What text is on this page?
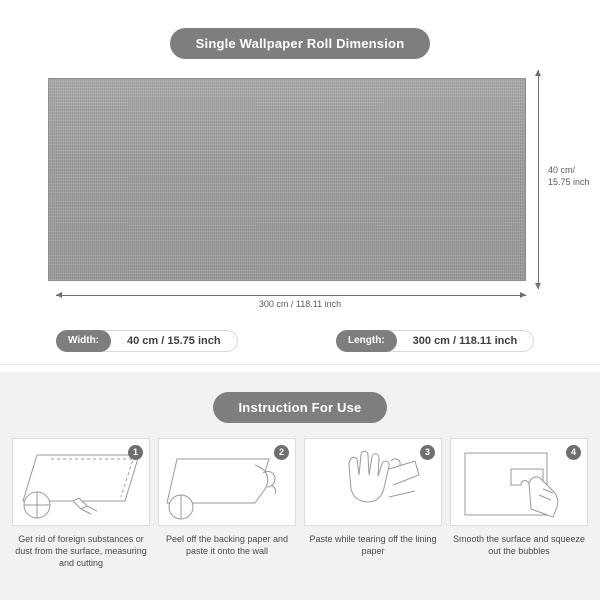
Single Wallpaper Roll Dimension
40 cm/ 15.75 inch
300 cm / 118.11 inch
Width:	40 cm / 15.75 inch	Length:	300 cm / 118.11 inch
Instruction For Use
1
Get rid of foreign substances or dust from the surface, measuring and cutting
2
Peel off the backing paper and paste it onto the wall
3
Paste while tearing off the lining paper
4
Smooth the surface and squeeze out the bubbles
